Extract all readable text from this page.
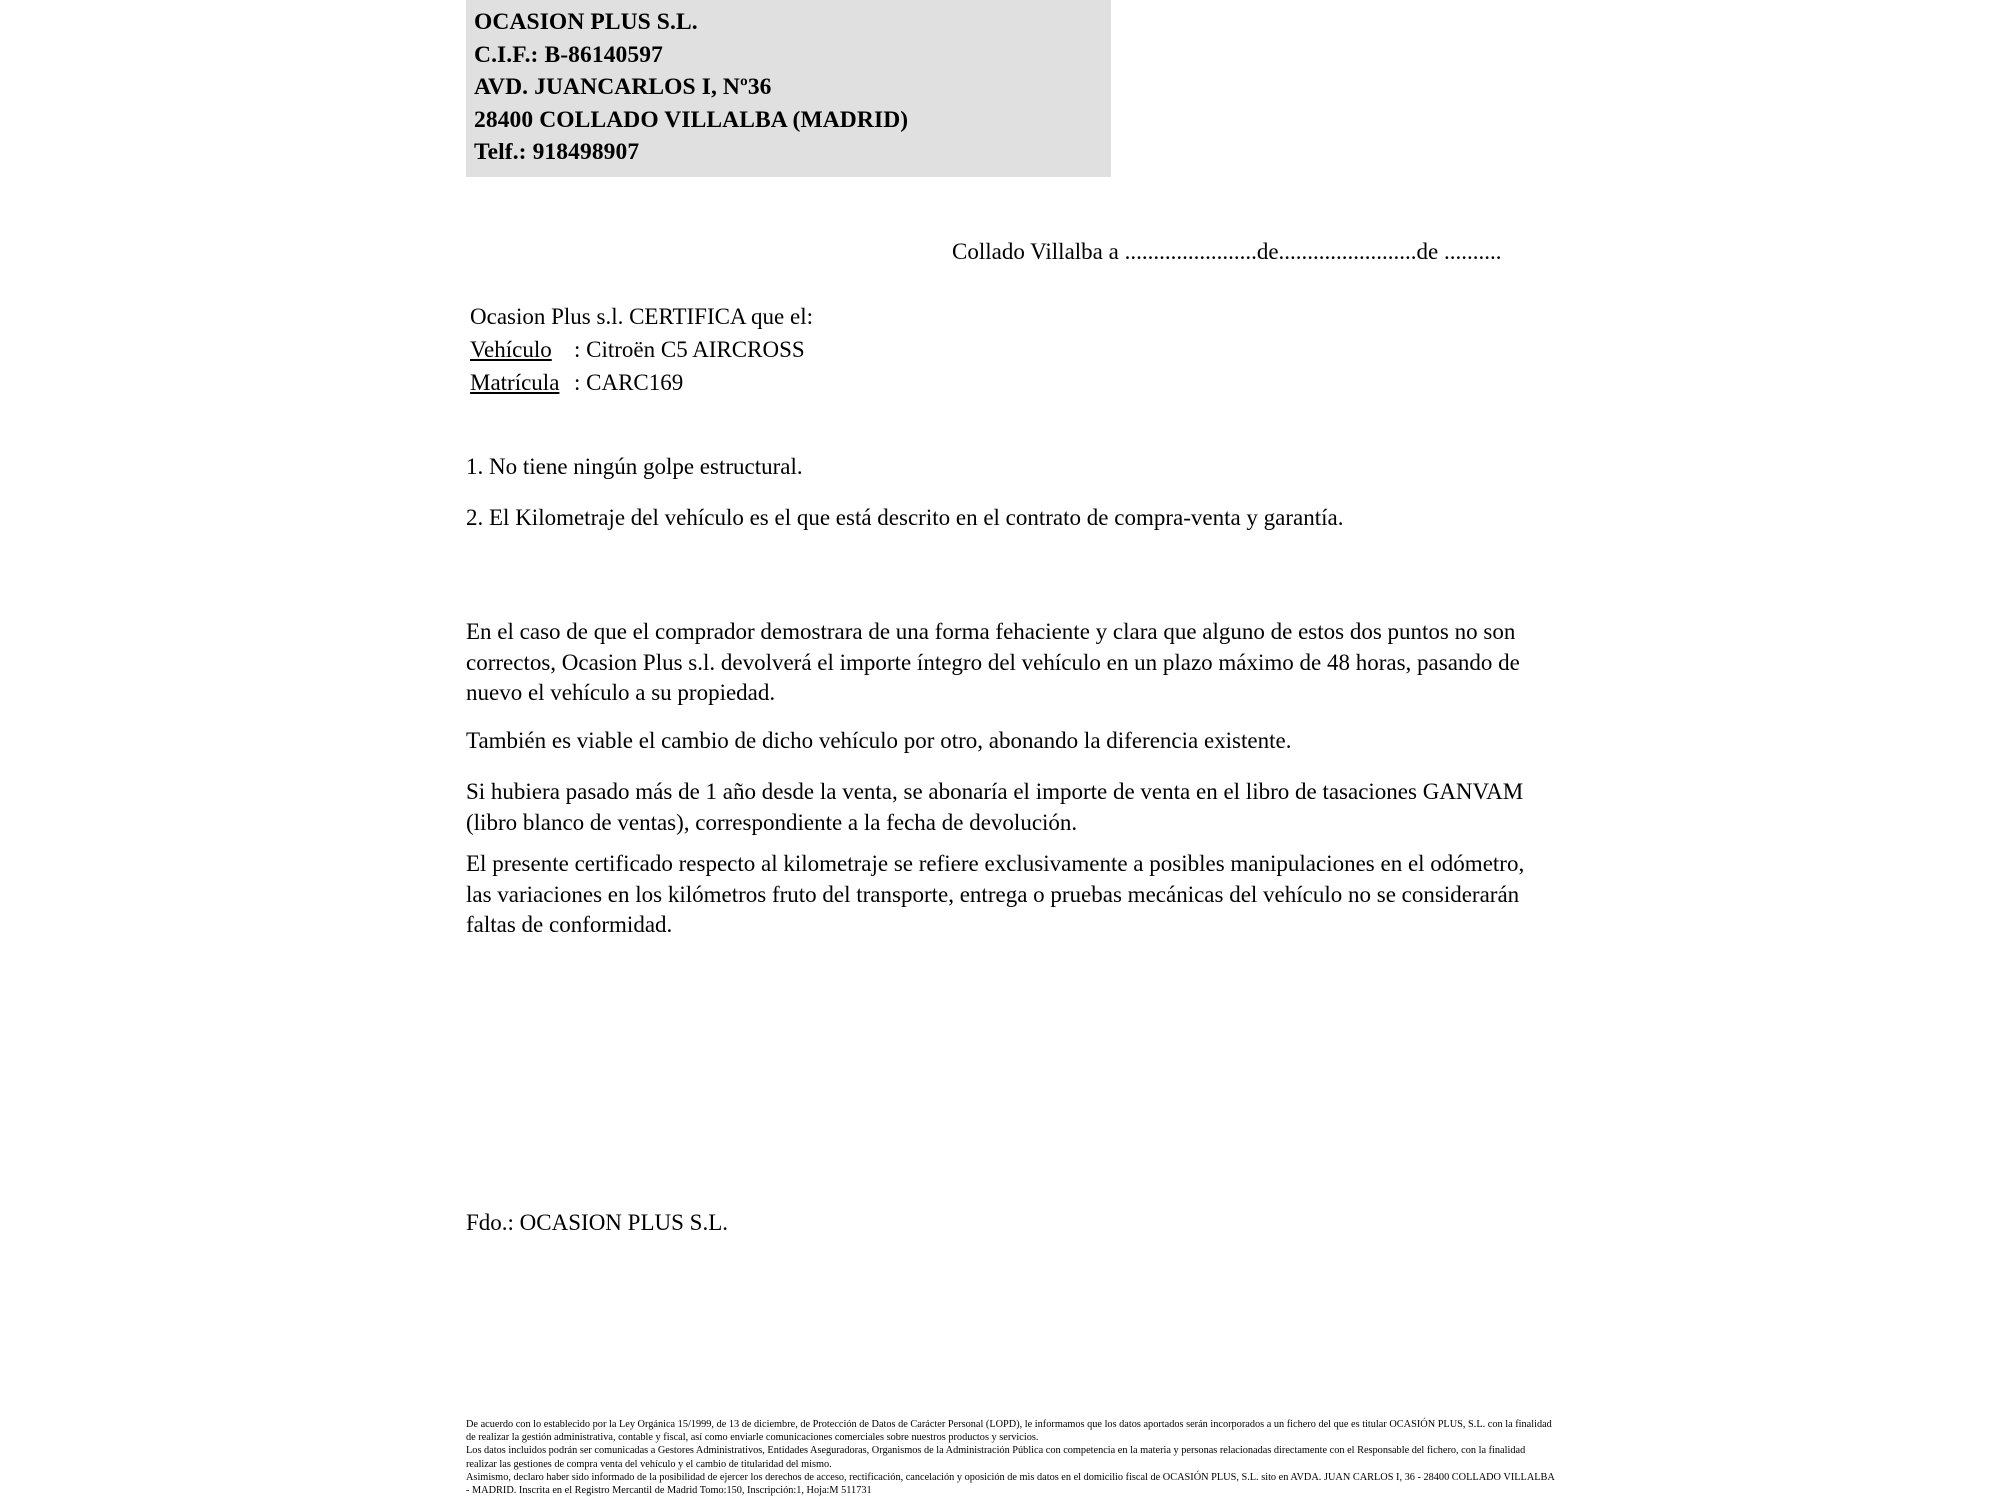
OCASION PLUS S.L.
C.I.F.: B-86140597
AVD. JUANCARLOS I, Nº36
28400 COLLADO VILLALBA (MADRID)
Telf.: 918498907
Collado Villalba a .......................de........................de ..........
Ocasion Plus s.l. CERTIFICA que el:
Vehículo : Citroën C5 AIRCROSS
Matrícula : CARC169
1. No tiene ningún golpe estructural.
2. El Kilometraje del vehículo es el que está descrito en el contrato de compra-venta y garantía.
En el caso de que el comprador demostrara de una forma fehaciente y clara que alguno de estos dos puntos no son correctos, Ocasion Plus s.l. devolverá el importe íntegro del vehículo en un plazo máximo de 48 horas, pasando de nuevo el vehículo a su propiedad.
También es viable el cambio de dicho vehículo por otro, abonando la diferencia existente.
Si hubiera pasado más de 1 año desde la venta, se abonaría el importe de venta en el libro de tasaciones GANVAM (libro blanco de ventas), correspondiente a la fecha de devolución.
El presente certificado respecto al kilometraje se refiere exclusivamente a posibles manipulaciones en el odómetro, las variaciones en los kilómetros fruto del transporte, entrega o pruebas mecánicas del vehículo no se considerarán faltas de conformidad.
Fdo.: OCASION PLUS S.L.

De acuerdo con lo establecido por la Ley Orgánica 15/1999, de 13 de diciembre, de Protección de Datos de Carácter Personal (LOPD), le informamos que los datos aportados serán incorporados a un fichero del que es titular OCASIÓN PLUS, S.L. con la finalidad de realizar la gestión administrativa, contable y fiscal, así como enviarle comunicaciones comerciales sobre nuestros productos y servicios.

Los datos incluidos podrán ser comunicadas a Gestores Administrativos, Entidades Aseguradoras, Organismos de la Administración Pública con competencia en la materia y personas relacionadas directamente con el Responsable del fichero, con la finalidad realizar las gestiones de compra venta del vehículo y el cambio de titularidad del mismo.

Asimismo, declaro haber sido informado de la posibilidad de ejercer los derechos de acceso, rectificación, cancelación y oposición de mis datos en el domicilio fiscal de OCASIÓN PLUS, S.L. sito en AVDA. JUAN CARLOS I, 36 - 28400 COLLADO VILLALBA - MADRID. Inscrita en el Registro Mercantil de Madrid Tomo:150, Inscripción:1, Hoja:M 511731
